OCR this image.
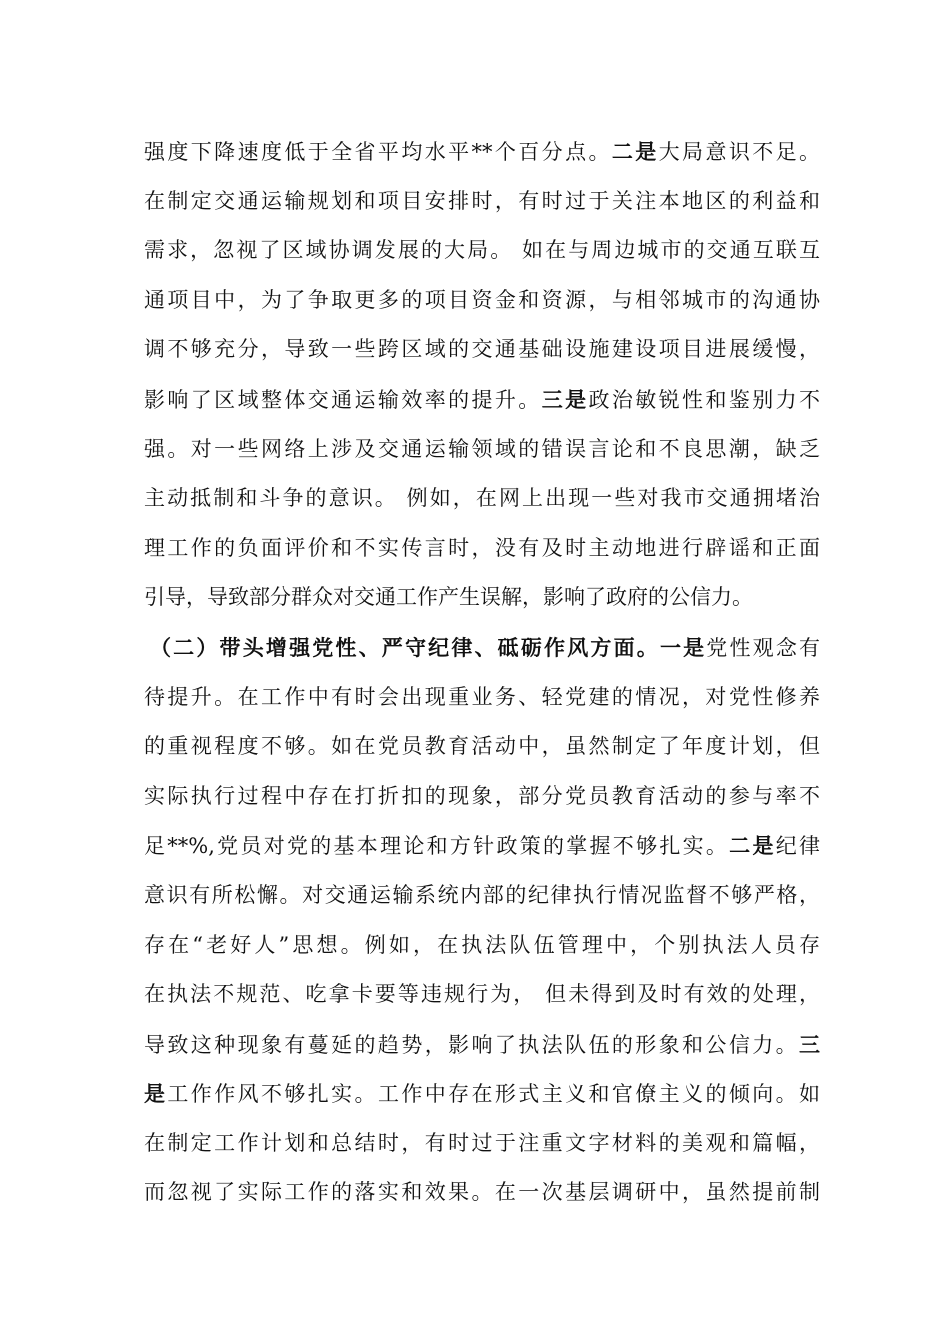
强度下降速度低于全省平均水平**个百分点。二是大局意识不足。
在制定交通运输规划和项目安排时，有时过于关注本地区的利益和
需求，忽视了区域协调发展的大局。 如在与周边城市的交通互联互
通项目中，为了争取更多的项目资金和资源，与相邻城市的沟通协
调不够充分，导致一些跨区域的交通基础设施建设项目进展缓慢，
影响了区域整体交通运输效率的提升。三是政治敏锐性和鉴别力不
强。对一些网络上涉及交通运输领域的错误言论和不良思潮，缺乏
主动抵制和斗争的意识。 例如，在网上出现一些对我市交通拥堵治
理工作的负面评价和不实传言时，没有及时主动地进行辟谣和正面
引导，导致部分群众对交通工作产生误解，影响了政府的公信力。
（二）带头增强党性、严守纪律、砥砺作风方面。一是党性观念有
待提升。在工作中有时会出现重业务、轻党建的情况，对党性修养
的重视程度不够。如在党员教育活动中，虽然制定了年度计划，但
实际执行过程中存在打折扣的现象，部分党员教育活动的参与率不
足**%,党员对党的基本理论和方针政策的掌握不够扎实。二是纪律
意识有所松懈。对交通运输系统内部的纪律执行情况监督不够严格，
存在“老好人”思想。例如，在执法队伍管理中，个别执法人员存
在执法不规范、吃拿卡要等违规行为， 但未得到及时有效的处理，
导致这种现象有蔓延的趋势，影响了执法队伍的形象和公信力。三
是工作作风不够扎实。工作中存在形式主义和官僚主义的倾向。如
在制定工作计划和总结时，有时过于注重文字材料的美观和篇幅，
而忽视了实际工作的落实和效果。在一次基层调研中，虽然提前制
